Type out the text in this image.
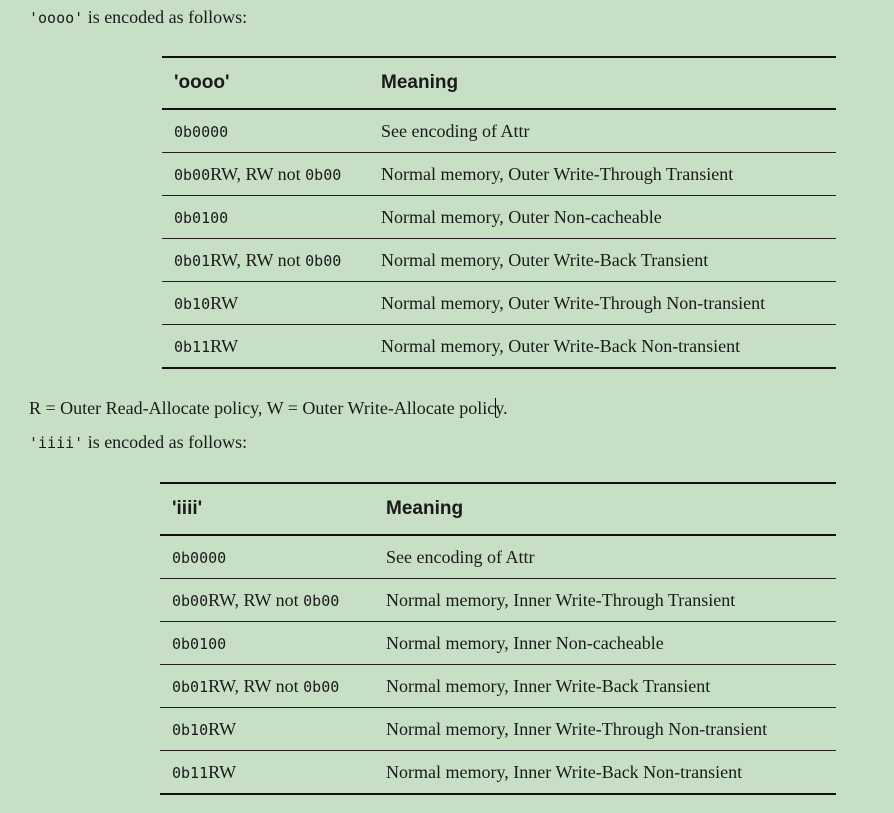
'oooo' is encoded as follows:
'oooo'	Meaning
0b0000	See encoding of Attr
0b00RW, RW not 0b00	Normal memory, Outer Write-Through Transient
0b0100	Normal memory, Outer Non-cacheable
0b01RW, RW not 0b00	Normal memory, Outer Write-Back Transient
0b10RW	Normal memory, Outer Write-Through Non-transient
0b11RW	Normal memory, Outer Write-Back Non-transient
R = Outer Read-Allocate policy, W = Outer Write-Allocate policy.
'iiii' is encoded as follows:
'iiii'	Meaning
0b0000	See encoding of Attr
0b00RW, RW not 0b00	Normal memory, Inner Write-Through Transient
0b0100	Normal memory, Inner Non-cacheable
0b01RW, RW not 0b00	Normal memory, Inner Write-Back Transient
0b10RW	Normal memory, Inner Write-Through Non-transient
0b11RW	Normal memory, Inner Write-Back Non-transient
